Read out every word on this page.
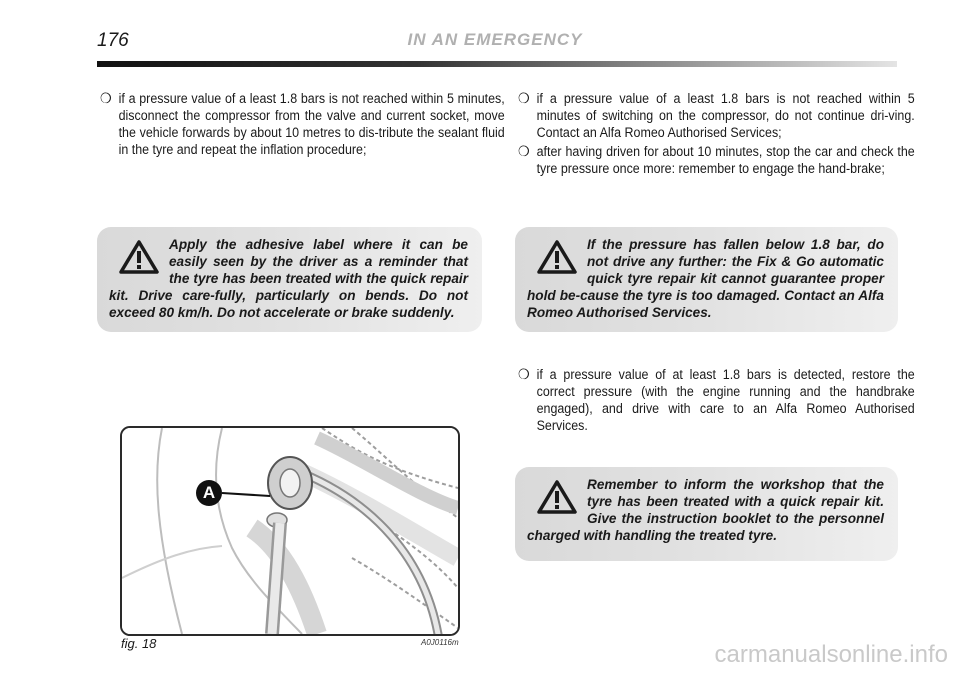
176	IN AN EMERGENCY
❍ if a pressure value of a least 1.8 bars is not reached within 5 minutes, disconnect the compressor from the valve and current socket, move the vehicle forwards by about 10 metres to dis-tribute the sealant fluid in the tyre and repeat the inflation procedure;
Apply the adhesive label where it can be easily seen by the driver as a reminder that the tyre has been treated with the quick repair kit. Drive care-fully, particularly on bends. Do not exceed 80 km/h. Do not accelerate or brake suddenly.
A
fig. 18	A0J0116m
❍ if a pressure value of a least 1.8 bars is not reached within 5 minutes of switching on the compressor, do not continue dri-ving. Contact an Alfa Romeo Authorised Services;
❍ after having driven for about 10 minutes, stop the car and check the tyre pressure once more: remember to engage the hand-brake;
If the pressure has fallen below 1.8 bar, do not drive any further: the Fix & Go automatic quick tyre repair kit cannot guarantee proper hold be-cause the tyre is too damaged. Contact an Alfa Romeo Authorised Services.
❍ if a pressure value of at least 1.8 bars is detected, restore the correct pressure (with the engine running and the handbrake engaged), and drive with care to an Alfa Romeo Authorised Services.
Remember to inform the workshop that the tyre has been treated with a quick repair kit. Give the instruction booklet to the personnel charged with handling the treated tyre.
carmanualsonline.info
